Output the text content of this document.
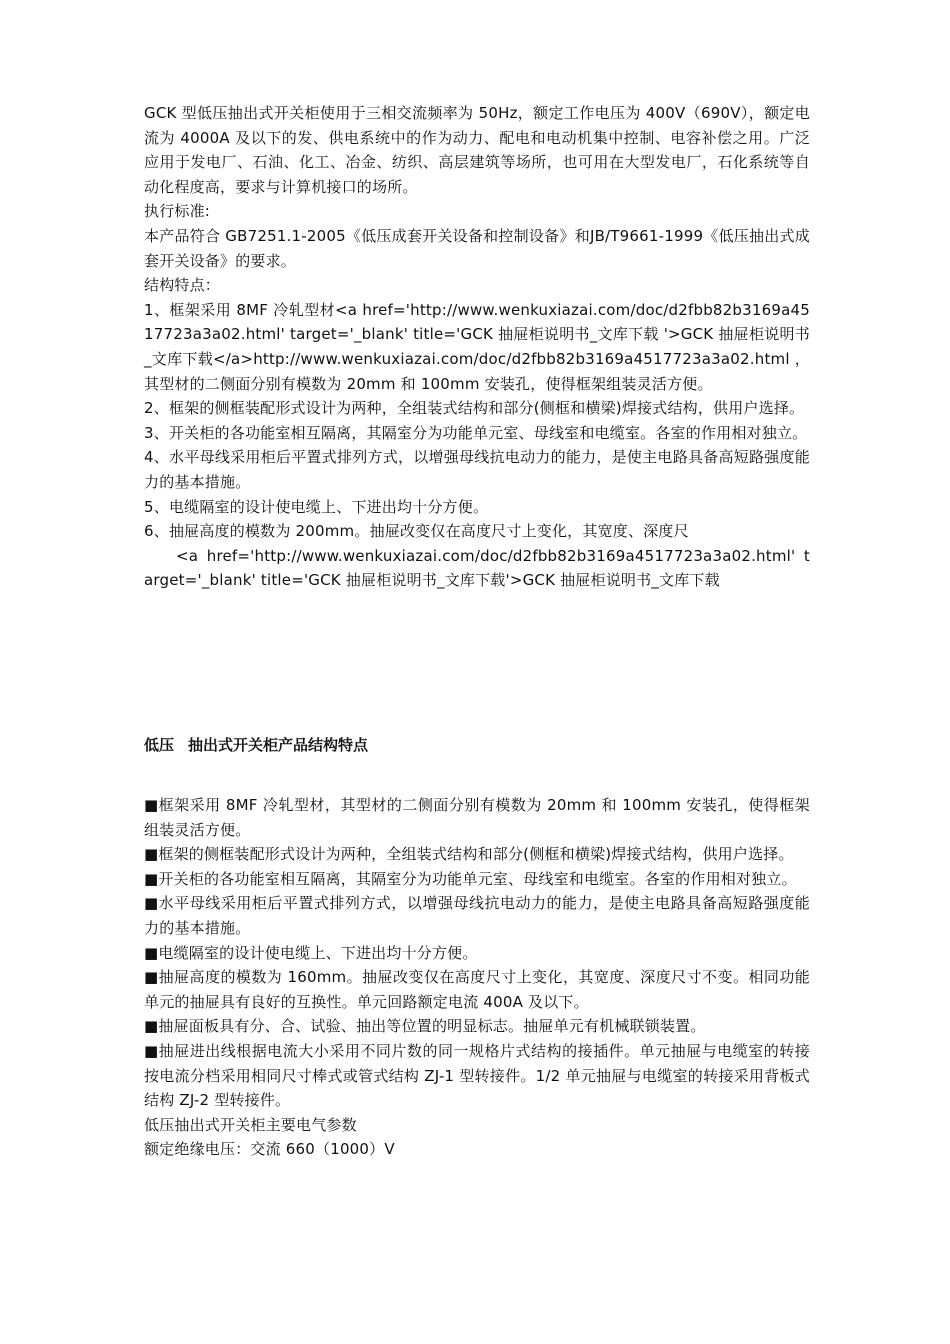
GCK 型低压抽出式开关柜使用于三相交流频率为 50Hz，额定工作电压为 400V（690V），额定电流为 4000A 及以下的发、供电系统中的作为动力、配电和电动机集中控制、电容补偿之用。广泛应用于发电厂、石油、化工、冶金、纺织、高层建筑等场所，也可用在大型发电厂，石化系统等自动化程度高，要求与计算机接口的场所。

执行标准:

本产品符合 GB7251.1-2005《低压成套开关设备和控制设备》和JB/T9661-1999《低压抽出式成套开关设备》的要求。

结构特点：

1、框架采用 8MF 冷轧型材<a href='http://www.wenkuxiazai.com/doc/d2fbb82b3169a4517723a3a02.html' target='_blank' title='GCK 抽屉柜说明书_文库下载 '>GCK 抽屉柜说明书_文库下载</a>http://www.wenkuxiazai.com/doc/d2fbb82b3169a4517723a3a02.html ，其型材的二侧面分别有模数为 20mm 和 100mm 安装孔，使得框架组装灵活方便。

2、框架的侧框装配形式设计为两种，全组装式结构和部分(侧框和横梁)焊接式结构，供用户选择。

3、开关柜的各功能室相互隔离，其隔室分为功能单元室、母线室和电缆室。各室的作用相对独立。

4、水平母线采用柜后平置式排列方式，以增强母线抗电动力的能力，是使主电路具备高短路强度能力的基本措施。

5、电缆隔室的设计使电缆上、下进出均十分方便。

6、抽屉高度的模数为 200mm。抽屉改变仅在高度尺寸上变化，其宽度、深度尺

<a href='http://www.wenkuxiazai.com/doc/d2fbb82b3169a4517723a3a02.html' target='_blank' title='GCK 抽屉柜说明书_文库下载'>GCK 抽屉柜说明书_文库下载

低压 抽出式开关柜产品结构特点

■框架采用 8MF 冷轧型材，其型材的二侧面分别有模数为 20mm 和 100mm 安装孔，使得框架组装灵活方便。

■框架的侧框装配形式设计为两种，全组装式结构和部分(侧框和横梁)焊接式结构，供用户选择。

■开关柜的各功能室相互隔离，其隔室分为功能单元室、母线室和电缆室。各室的作用相对独立。

■水平母线采用柜后平置式排列方式，以增强母线抗电动力的能力，是使主电路具备高短路强度能力的基本措施。

■电缆隔室的设计使电缆上、下进出均十分方便。

■抽屉高度的模数为 160mm。抽屉改变仅在高度尺寸上变化，其宽度、深度尺寸不变。相同功能单元的抽屉具有良好的互换性。单元回路额定电流 400A 及以下。

■抽屉面板具有分、合、试验、抽出等位置的明显标志。抽屉单元有机械联锁装置。

■抽屉进出线根据电流大小采用不同片数的同一规格片式结构的接插件。单元抽屉与电缆室的转接按电流分档采用相同尺寸棒式或管式结构 ZJ-1 型转接件。1/2 单元抽屉与电缆室的转接采用背板式结构 ZJ-2 型转接件。

低压抽出式开关柜主要电气参数

额定绝缘电压：交流 660（1000）V
